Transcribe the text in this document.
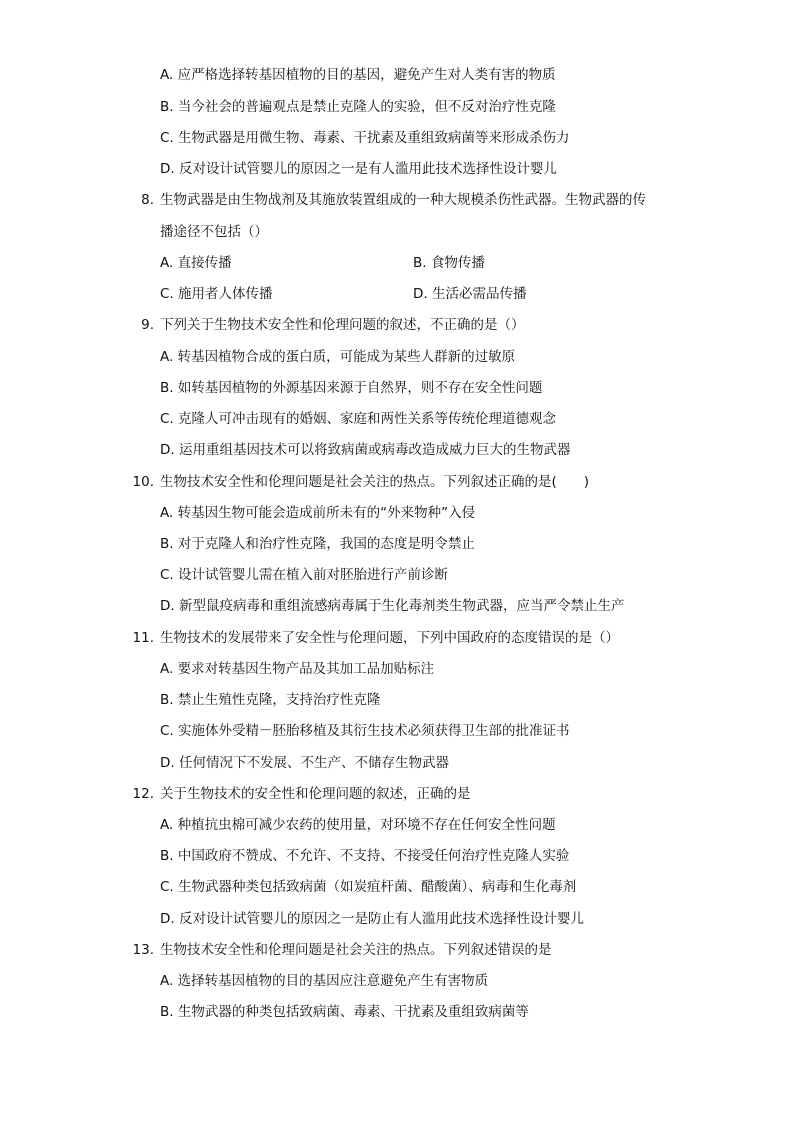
A. 应严格选择转基因植物的目的基因，避免产生对人类有害的物质
B. 当今社会的普遍观点是禁止克隆人的实验，但不反对治疗性克隆
C. 生物武器是用微生物、毒素、干扰素及重组致病菌等来形成杀伤力
D. 反对设计试管婴儿的原因之一是有人滥用此技术选择性设计婴儿
8. 生物武器是由生物战剂及其施放装置组成的一种大规模杀伤性武器。生物武器的传
播途径不包括（）
A. 直接传播	B. 食物传播
C. 施用者人体传播	D. 生活必需品传播
9. 下列关于生物技术安全性和伦理问题的叙述，不正确的是（）
A. 转基因植物合成的蛋白质，可能成为某些人群新的过敏原
B. 如转基因植物的外源基因来源于自然界，则不存在安全性问题
C. 克隆人可冲击现有的婚姻、家庭和两性关系等传统伦理道德观念
D. 运用重组基因技术可以将致病菌或病毒改造成威力巨大的生物武器
10. 生物技术安全性和伦理问题是社会关注的热点。下列叙述正确的是(　　)
A. 转基因生物可能会造成前所未有的“外来物种”入侵
B. 对于克隆人和治疗性克隆，我国的态度是明令禁止
C. 设计试管婴儿需在植入前对胚胎进行产前诊断
D. 新型鼠疫病毒和重组流感病毒属于生化毒剂类生物武器，应当严令禁止生产
11. 生物技术的发展带来了安全性与伦理问题，下列中国政府的态度错误的是（）
A. 要求对转基因生物产品及其加工品加贴标注
B. 禁止生殖性克隆，支持治疗性克隆
C. 实施体外受精－胚胎移植及其衍生技术必须获得卫生部的批准证书
D. 任何情况下不发展、不生产、不储存生物武器
12. 关于生物技术的安全性和伦理问题的叙述，正确的是
A. 种植抗虫棉可减少农药的使用量，对环境不存在任何安全性问题
B. 中国政府不赞成、不允许、不支持、不接受任何治疗性克隆人实验
C. 生物武器种类包括致病菌（如炭疽杆菌、醋酸菌）、病毒和生化毒剂
D. 反对设计试管婴儿的原因之一是防止有人滥用此技术选择性设计婴儿
13. 生物技术安全性和伦理问题是社会关注的热点。下列叙述错误的是
A. 选择转基因植物的目的基因应注意避免产生有害物质
B. 生物武器的种类包括致病菌、毒素、干扰素及重组致病菌等
